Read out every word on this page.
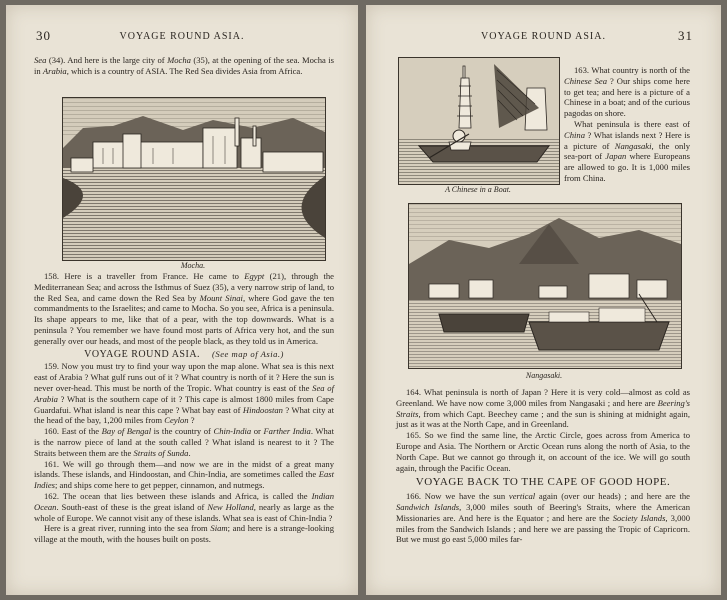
30	VOYAGE ROUND ASIA.

Sea (34). And here is the large city of Mocha (35), at the opening of the sea. Mocha is in Arabia, which is a country of ASIA. The Red Sea divides Asia from Africa.

Mocha.

158. Here is a traveller from France. He came to Egypt (21), through the Mediterranean Sea; and across the Isthmus of Suez (35), a very narrow strip of land, to the Red Sea, and came down the Red Sea by Mount Sinai, where God gave the ten commandments to the Israelites; and came to Mocha. So you see, Africa is a peninsula. Its shape appears to me, like that of a pear, with the top downwards. What is a peninsula ? You remember we have found most parts of Africa very hot, and the sun generally over our heads, and most of the people black, as they told us in America.

VOYAGE ROUND ASIA. (See map of Asia.)

159. Now you must try to find your way upon the map alone. What sea is this next east of Arabia ? What gulf runs out of it ? What country is north of it ? Here the sun is never over-head. This must be north of the Tropic. What country is east of the Sea of Arabia ? What is the southern cape of it ? This cape is almost 1800 miles from Cape Guardafui. What island is near this cape ? What bay east of Hindoostan ? What city at the head of the bay, 1,200 miles from Ceylon ?

160. East of the Bay of Bengal is the country of Chin-India or Farther India. What is the narrow piece of land at the south called ? What island is nearest to it ? The Straits between them are the Straits of Sunda.

161. We will go through them—and now we are in the midst of a great many islands. These islands, and Hindoostan, and Chin-India, are sometimes called the East Indies; and ships come here to get pepper, cinnamon, and nutmegs.

162. The ocean that lies between these islands and Africa, is called the Indian Ocean. South-east of these is the great island of New Holland, nearly as large as the whole of Europe. We cannot visit any of these islands. What sea is east of Chin-India ?

Here is a great river, running into the sea from Siam; and here is a strange-looking village at the mouth, with the houses built on posts.

VOYAGE ROUND ASIA.	31
A Chinese in a Boat.

163. What country is north of the Chinese Sea ? Our ships come here to get tea; and here is a picture of a Chinese in a boat; and of the curious pagodas on shore.

What peninsula is there east of China ? What islands next ? Here is a picture of Nangasaki, the only sea-port of Japan where Europeans are allowed to go. It is 1,000 miles from China.

Nangasaki.

164. What peninsula is north of Japan ? Here it is very cold—almost as cold as Greenland. We have now come 3,000 miles from Nangasaki ; and here are Beering's Straits, from which Capt. Beechey came ; and the sun is shining at midnight again, just as it was at the North Cape, and in Greenland.

165. So we find the same line, the Arctic Circle, goes across from America to Europe and Asia. The Northern or Arctic Ocean runs along the north of Asia, to the North Cape. But we cannot go through it, on account of the ice. We will go south again, through the Pacific Ocean.

VOYAGE BACK TO THE CAPE OF GOOD HOPE.

166. Now we have the sun vertical again (over our heads) ; and here are the Sandwich Islands, 3,000 miles south of Beering's Straits, where the American Missionaries are. And here is the Equator ; and here are the Society Islands, 3,000 miles from the Sandwich Islands ; and here we are passing the Tropic of Capricorn. But we must go east 5,000 miles far-
